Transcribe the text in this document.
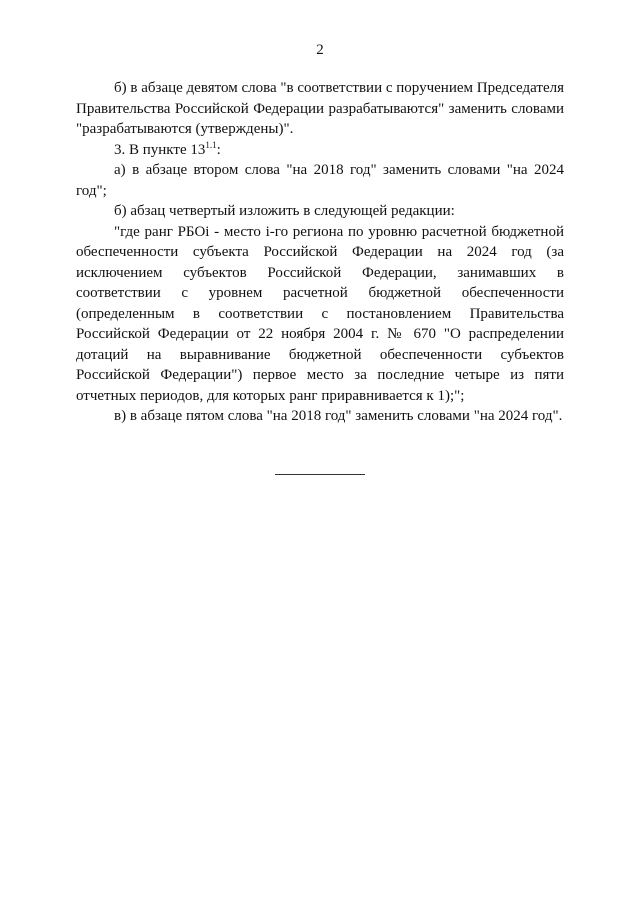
2

б) в абзаце девятом слова "в соответствии с поручением Председателя Правительства Российской Федерации разрабатываются" заменить словами "разрабатываются (утверждены)".

3. В пункте $13^{1.1}$:

а) в абзаце втором слова "на 2018 год" заменить словами "на 2024 год";

б) абзац четвертый изложить в следующей редакции:

"где ранг РБОi - место i-го региона по уровню расчетной бюджетной обеспеченности субъекта Российской Федерации на 2024 год (за исключением субъектов Российской Федерации, занимавших в соответствии с уровнем расчетной бюджетной обеспеченности (определенным в соответствии с постановлением Правительства Российской Федерации от 22 ноября 2004 г. № 670 "О распределении дотаций на выравнивание бюджетной обеспеченности субъектов Российской Федерации") первое место за последние четыре из пяти отчетных периодов, для которых ранг приравнивается к 1);";

в) в абзаце пятом слова "на 2018 год" заменить словами "на 2024 год".
